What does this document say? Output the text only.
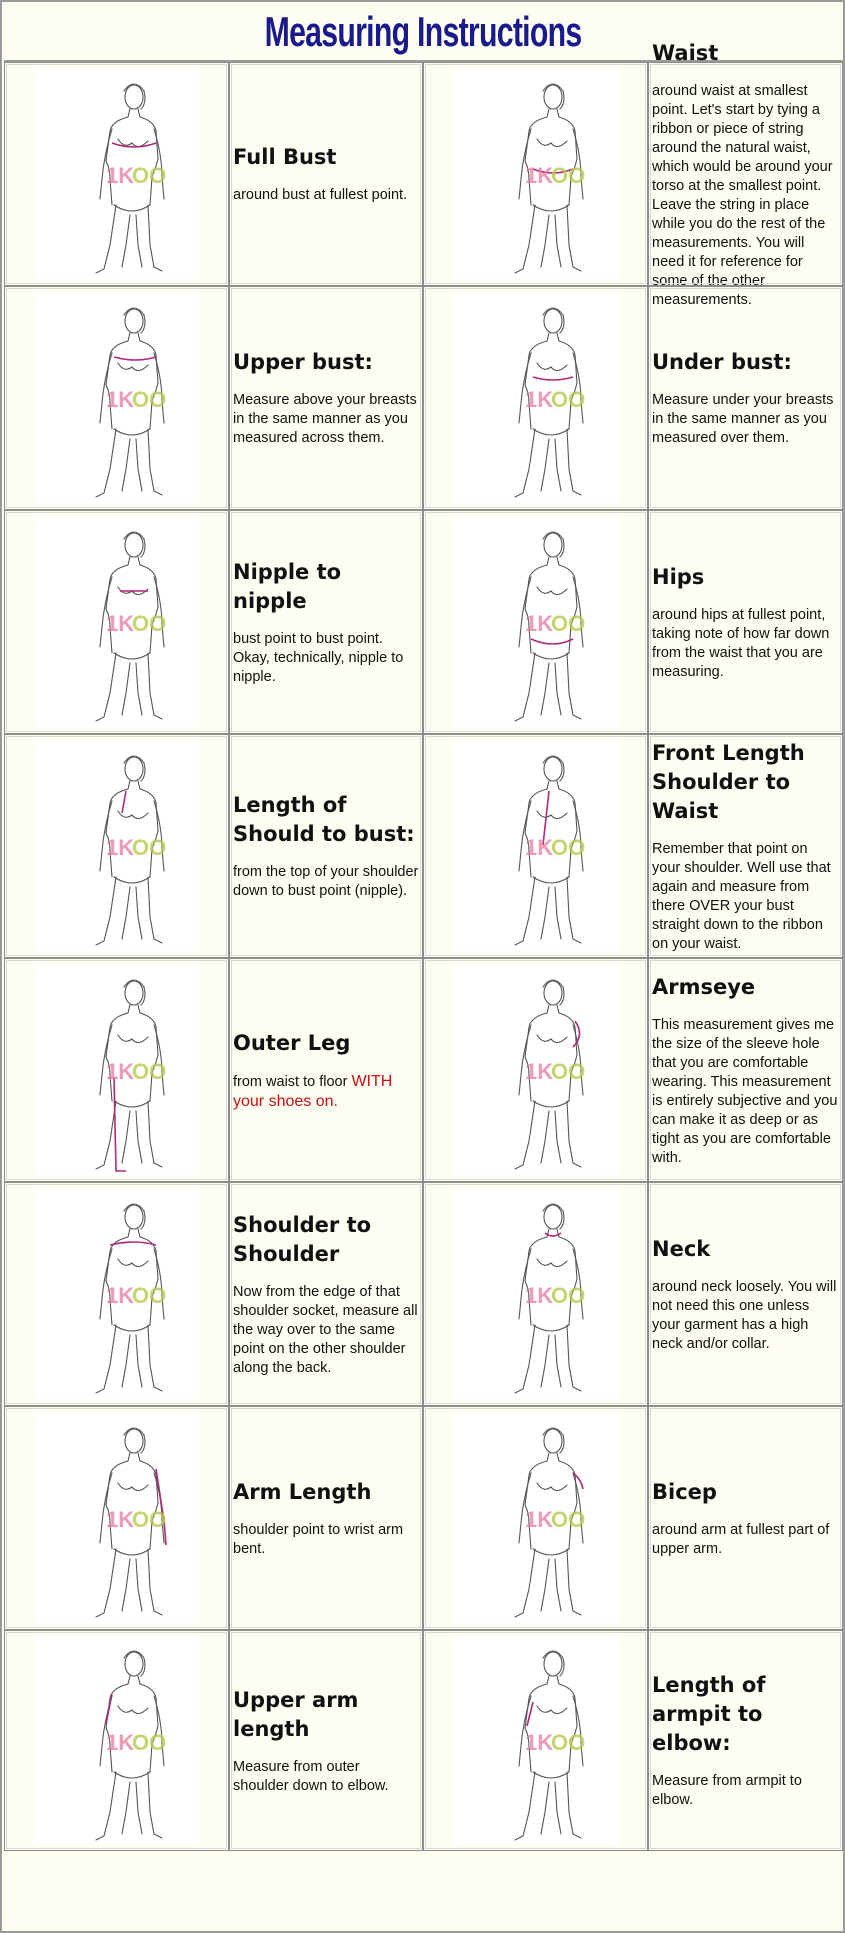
Measuring Instructions
1K
OO
Full Bust

around bust at fullest point.

1K
OO
Waist

around waist at smallest point. Let's start by tying a ribbon or piece of string around the natural waist, which would be around your torso at the smallest point. Leave the string in place while you do the rest of the measurements. You will need it for reference for some of the other measurements.

1K
OO
Upper bust:

Measure above your breasts in the same manner as you measured across them.

1K
OO
Under bust:

Measure under your breasts in the same manner as you measured over them.

1K
OO
Nipple to nipple

bust point to bust point. Okay, technically, nipple to nipple.

1K
OO
Hips

around hips at fullest point, taking note of how far down from the waist that you are measuring.

1K
OO
Length of Should to bust:

from the top of your shoulder down to bust point (nipple).

1K
OO
Front Length Shoulder to Waist

Remember that point on your shoulder. Well use that again and measure from there OVER your bust straight down to the ribbon on your waist.

1K
OO
Outer Leg

from waist to floor WITH your shoes on.

1K
OO
Armseye

This measurement gives me the size of the sleeve hole that you are comfortable wearing. This measurement is entirely subjective and you can make it as deep or as tight as you are comfortable with.

1K
OO
Shoulder to Shoulder

Now from the edge of that shoulder socket, measure all the way over to the same point on the other shoulder along the back.

1K
OO
Neck

around neck loosely. You will not need this one unless your garment has a high neck and/or collar.

1K
OO
Arm Length

shoulder point to wrist arm bent.

1K
OO
Bicep

around arm at fullest part of upper arm.

1K
OO
Upper arm length

Measure from outer shoulder down to elbow.

1K
OO
Length of armpit to elbow:

Measure from armpit to elbow.
